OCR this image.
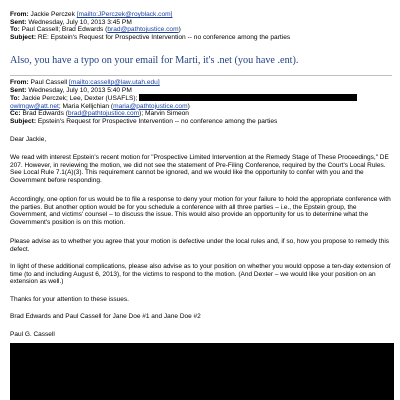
From: Jackie Perczek [mailto:JPerczek@royblack.com]
Sent: Wednesday, July 10, 2013 3:45 PM
To: Paul Cassell; Brad Edwards (brad@pathtojustice.com)
Subject: RE: Epstein's Request for Prospective Intervention -- no conference among the parties
Also, you have a typo on your email for Marti, it's .net (you have .ent).
From: Paul Cassell [mailto:cassellp@law.utah.edu]
Sent: Wednesday, July 10, 2013 5:40 PM
To: Jackie Perczek; Lee, Dexter (USAFLS);
owlmgw@att.net; Maria Kelljchian (maria@pathtojustice.com)
Cc: Brad Edwards (brad@pathtojustice.com); Marvin Simeon
Subject: Epstein's Request for Prospective Intervention -- no conference among the parties

Dear Jackie,

We read with interest Epstein's recent motion for "Prospective Limited Intervention at the Remedy Stage of These Proceedings," DE 207. However, in reviewing the motion, we did not see the statement of Pre-Filing Conference, required by the Court's Local Rules. See Local Rule 7.1(A)(3). This requirement cannot be ignored, and we would like the opportunity to confer with you and the Government before responding.

Accordingly, one option for us would be to file a response to deny your motion for your failure to hold the appropriate conference with the parties. But another option would be for you schedule a conference with all three parties – i.e., the Epstein group, the Government, and victims' counsel – to discuss the issue. This would also provide an opportunity for us to determine what the Government's position is on this motion.

Please advise as to whether you agree that your motion is defective under the local rules and, if so, how you propose to remedy this defect.

In light of these additional complications, please also advise as to your position on whether you would oppose a ten-day extension of time (to and including August 6, 2013), for the victims to respond to the motion. (And Dexter – we would like your position on an extension as well.)

Thanks for your attention to these issues.

Brad Edwards and Paul Cassell for Jane Doe #1 and Jane Doe #2

Paul G. Cassell
